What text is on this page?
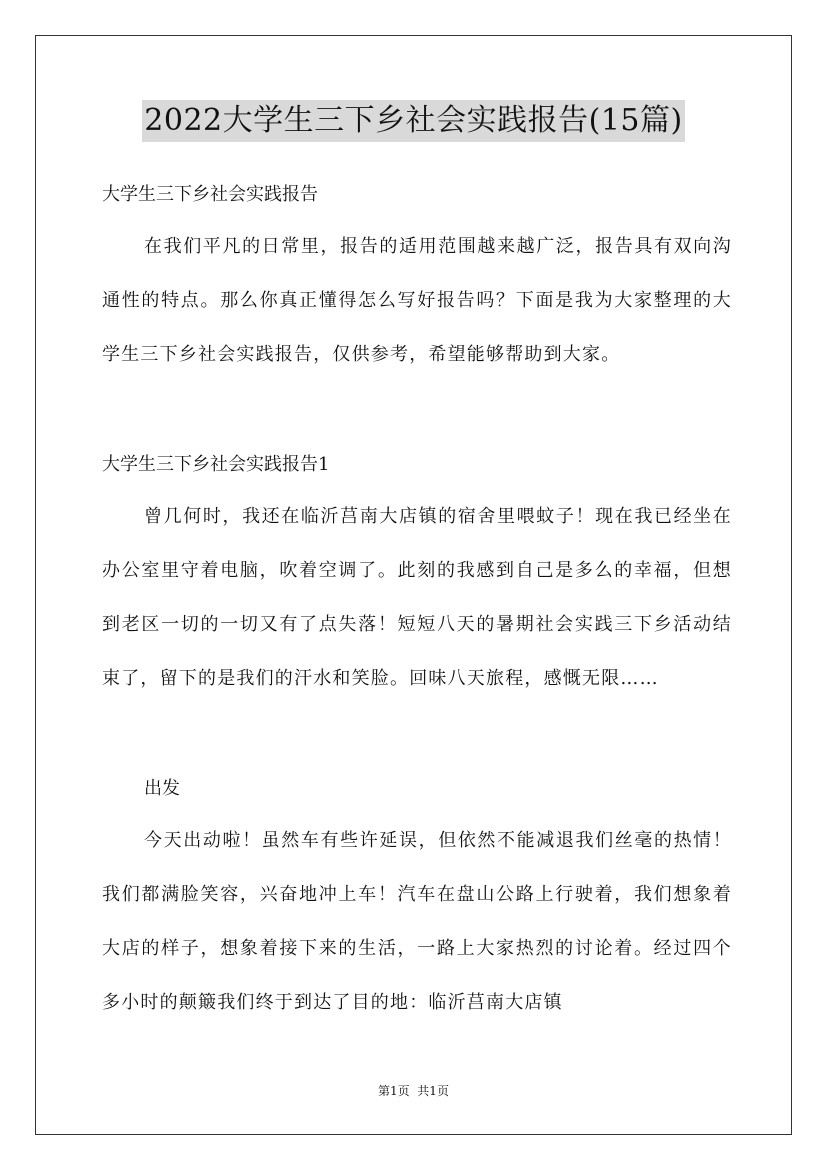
2022大学生三下乡社会实践报告(15篇)
大学生三下乡社会实践报告

在我们平凡的日常里，报告的适用范围越来越广泛，报告具有双向沟通性的特点。那么你真正懂得怎么写好报告吗？下面是我为大家整理的大学生三下乡社会实践报告，仅供参考，希望能够帮助到大家。

大学生三下乡社会实践报告1

曾几何时，我还在临沂莒南大店镇的宿舍里喂蚊子！现在我已经坐在办公室里守着电脑，吹着空调了。此刻的我感到自己是多么的幸福，但想到老区一切的一切又有了点失落！短短八天的暑期社会实践三下乡活动结束了，留下的是我们的汗水和笑脸。回味八天旅程，感慨无限……

出发

今天出动啦！虽然车有些许延误，但依然不能减退我们丝毫的热情！我们都满脸笑容，兴奋地冲上车！汽车在盘山公路上行驶着，我们想象着大店的样子，想象着接下来的生活，一路上大家热烈的讨论着。经过四个多小时的颠簸我们终于到达了目的地：临沂莒南大店镇

第1页  共1页
